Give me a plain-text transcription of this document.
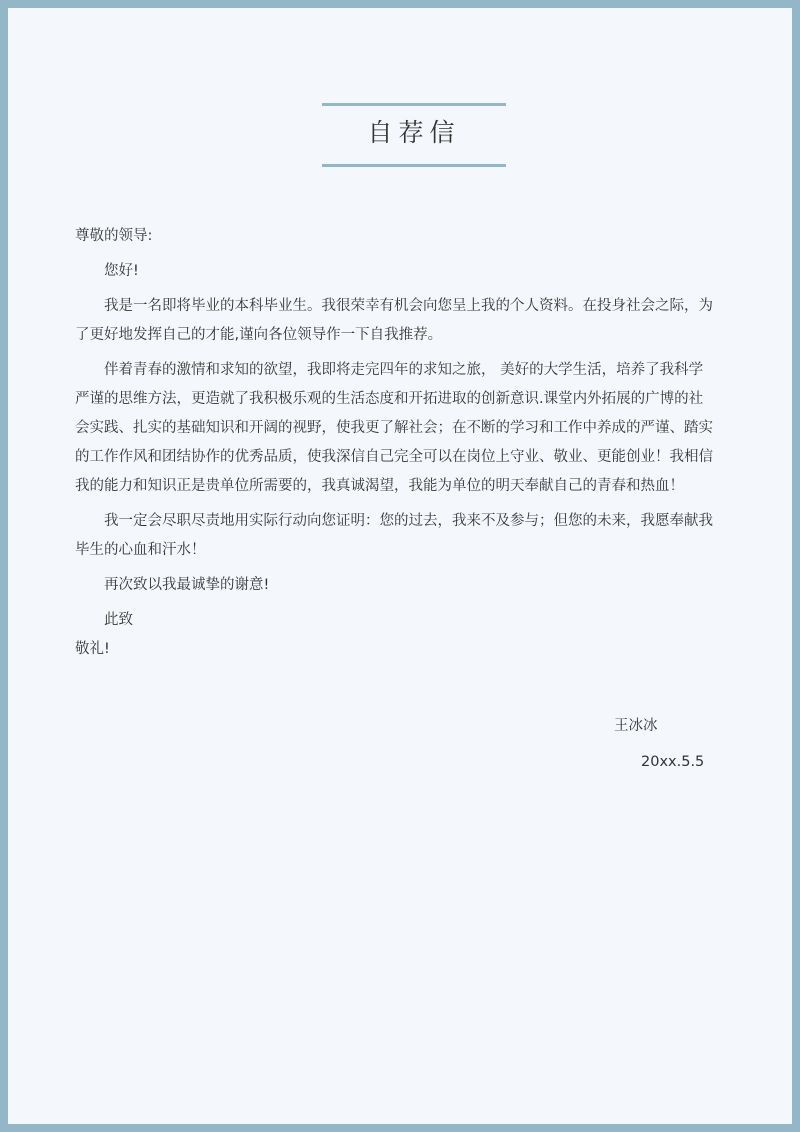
自荐信

尊敬的领导:

您好!

我是一名即将毕业的本科毕业生。我很荣幸有机会向您呈上我的个人资料。在投身社会之际，为了更好地发挥自己的才能,谨向各位领导作一下自我推荐。

伴着青春的激情和求知的欲望，我即将走完四年的求知之旅， 美好的大学生活，培养了我科学严谨的思维方法，更造就了我积极乐观的生活态度和开拓进取的创新意识.课堂内外拓展的广博的社会实践、扎实的基础知识和开阔的视野，使我更了解社会；在不断的学习和工作中养成的严谨、踏实的工作作风和团结协作的优秀品质，使我深信自己完全可以在岗位上守业、敬业、更能创业！我相信我的能力和知识正是贵单位所需要的，我真诚渴望，我能为单位的明天奉献自己的青春和热血！

我一定会尽职尽责地用实际行动向您证明：您的过去，我来不及参与；但您的未来，我愿奉献我毕生的心血和汗水！

再次致以我最诚挚的谢意!

此致

敬礼!

王冰冰
20xx.5.5
